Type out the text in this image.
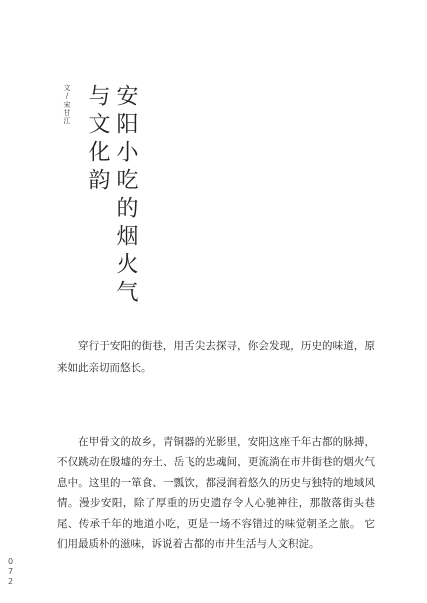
安阳小吃的烟火气
与文化韵
文/宋甘江

穿行于安阳的街巷，用舌尖去探寻，你会发现，历史的味道，原来如此亲切而悠长。

在甲骨文的故乡，青铜器的光影里，安阳这座千年古都的脉搏，不仅跳动在殷墟的夯土、岳飞的忠魂间，更流淌在市井街巷的烟火气息中。这里的一箪食、一瓢饮，都浸润着悠久的历史与独特的地域风情。漫步安阳，除了厚重的历史遗存令人心驰神往，那散落街头巷尾、传承千年的地道小吃，更是一场不容错过的味觉朝圣之旅。 它们用最质朴的滋味，诉说着古都的市井生活与人文积淀。

072
